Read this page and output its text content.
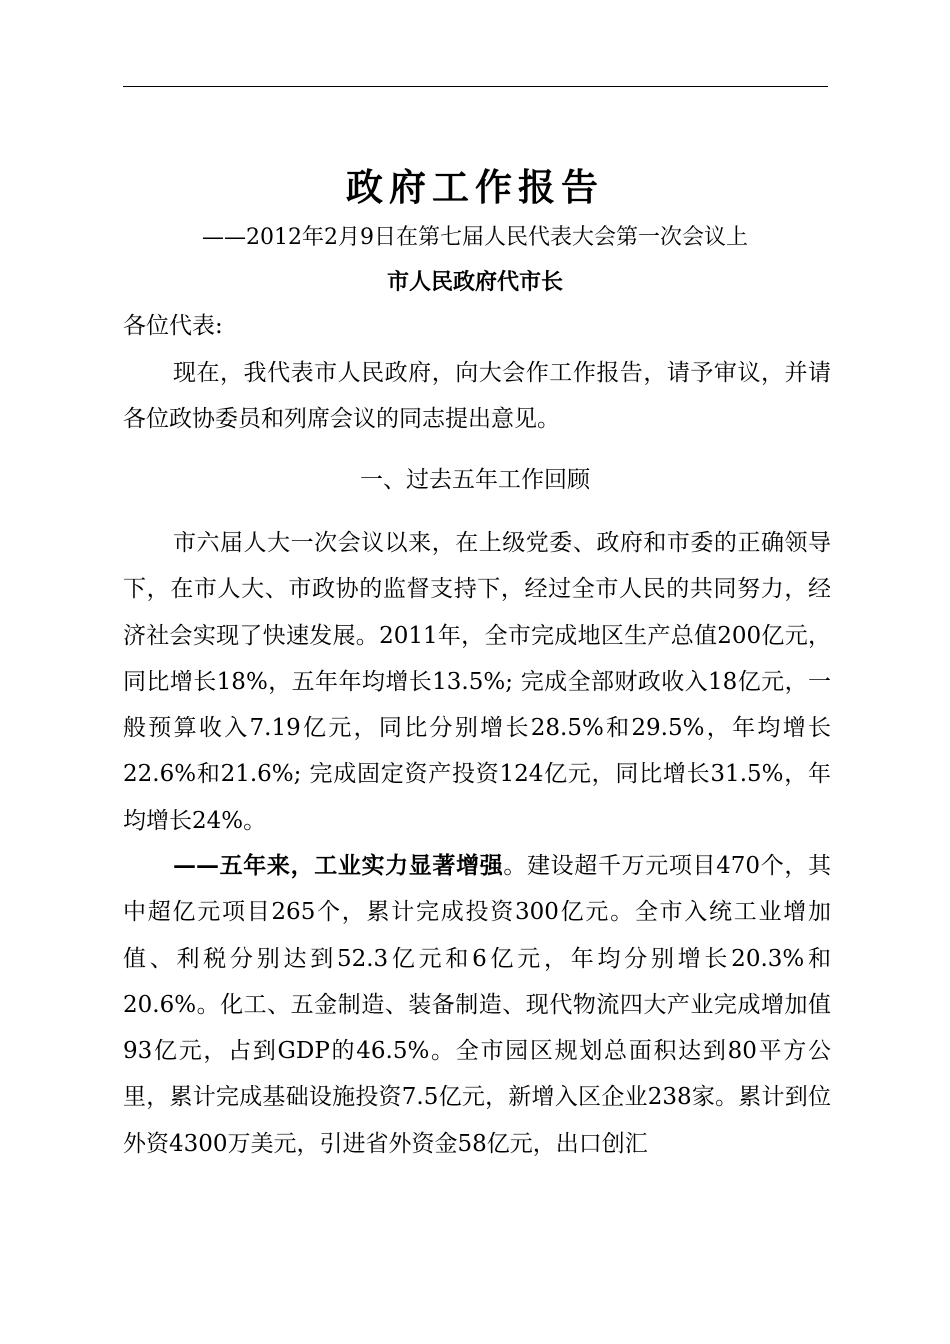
政府工作报告
——2012年2月9日在第七届人民代表大会第一次会议上
市人民政府代市长
各位代表:
现在，我代表市人民政府，向大会作工作报告，请予审议，并请各位政协委员和列席会议的同志提出意见。
一、过去五年工作回顾
市六届人大一次会议以来，在上级党委、政府和市委的正确领导下，在市人大、市政协的监督支持下，经过全市人民的共同努力，经济社会实现了快速发展。2011年，全市完成地区生产总值200亿元，同比增长18%，五年年均增长13.5%; 完成全部财政收入18亿元，一般预算收入7.19亿元，同比分别增长28.5%和29.5%，年均增长22.6%和21.6%; 完成固定资产投资124亿元，同比增长31.5%，年均增长24%。
——五年来，工业实力显著增强。建设超千万元项目470个，其中超亿元项目265个，累计完成投资300亿元。全市入统工业增加值、利税分别达到52.3亿元和6亿元，年均分别增长20.3%和20.6%。化工、五金制造、装备制造、现代物流四大产业完成增加值93亿元，占到GDP的46.5%。全市园区规划总面积达到80平方公里，累计完成基础设施投资7.5亿元，新增入区企业238家。累计到位外资4300万美元，引进省外资金58亿元，出口创汇
